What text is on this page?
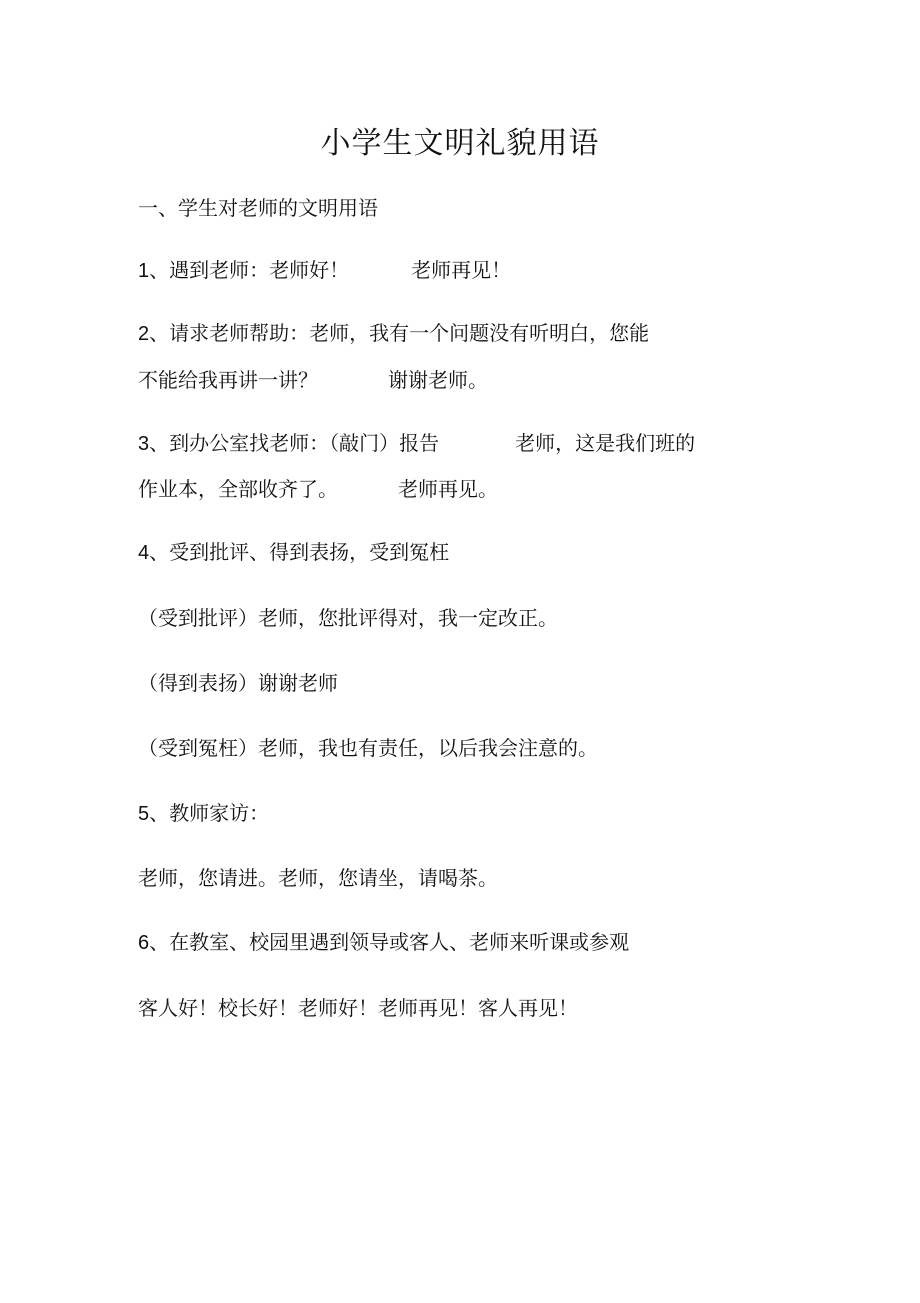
小学生文明礼貌用语
一、学生对老师的文明用语
1、遇到老师：老师好！	老师再见！
2、请求老师帮助：老师，我有一个问题没有听明白，您能
不能给我再讲一讲？	谢谢老师。
3、到办公室找老师：（敲门）报告	老师，这是我们班的
作业本，全部收齐了。	老师再见。
4、受到批评、得到表扬，受到冤枉
（受到批评）老师，您批评得对，我一定改正。
（得到表扬）谢谢老师
（受到冤枉）老师，我也有责任，以后我会注意的。
5、教师家访：
老师，您请进。老师，您请坐，请喝茶。
6、在教室、校园里遇到领导或客人、老师来听课或参观
客人好！校长好！老师好！老师再见！客人再见！
